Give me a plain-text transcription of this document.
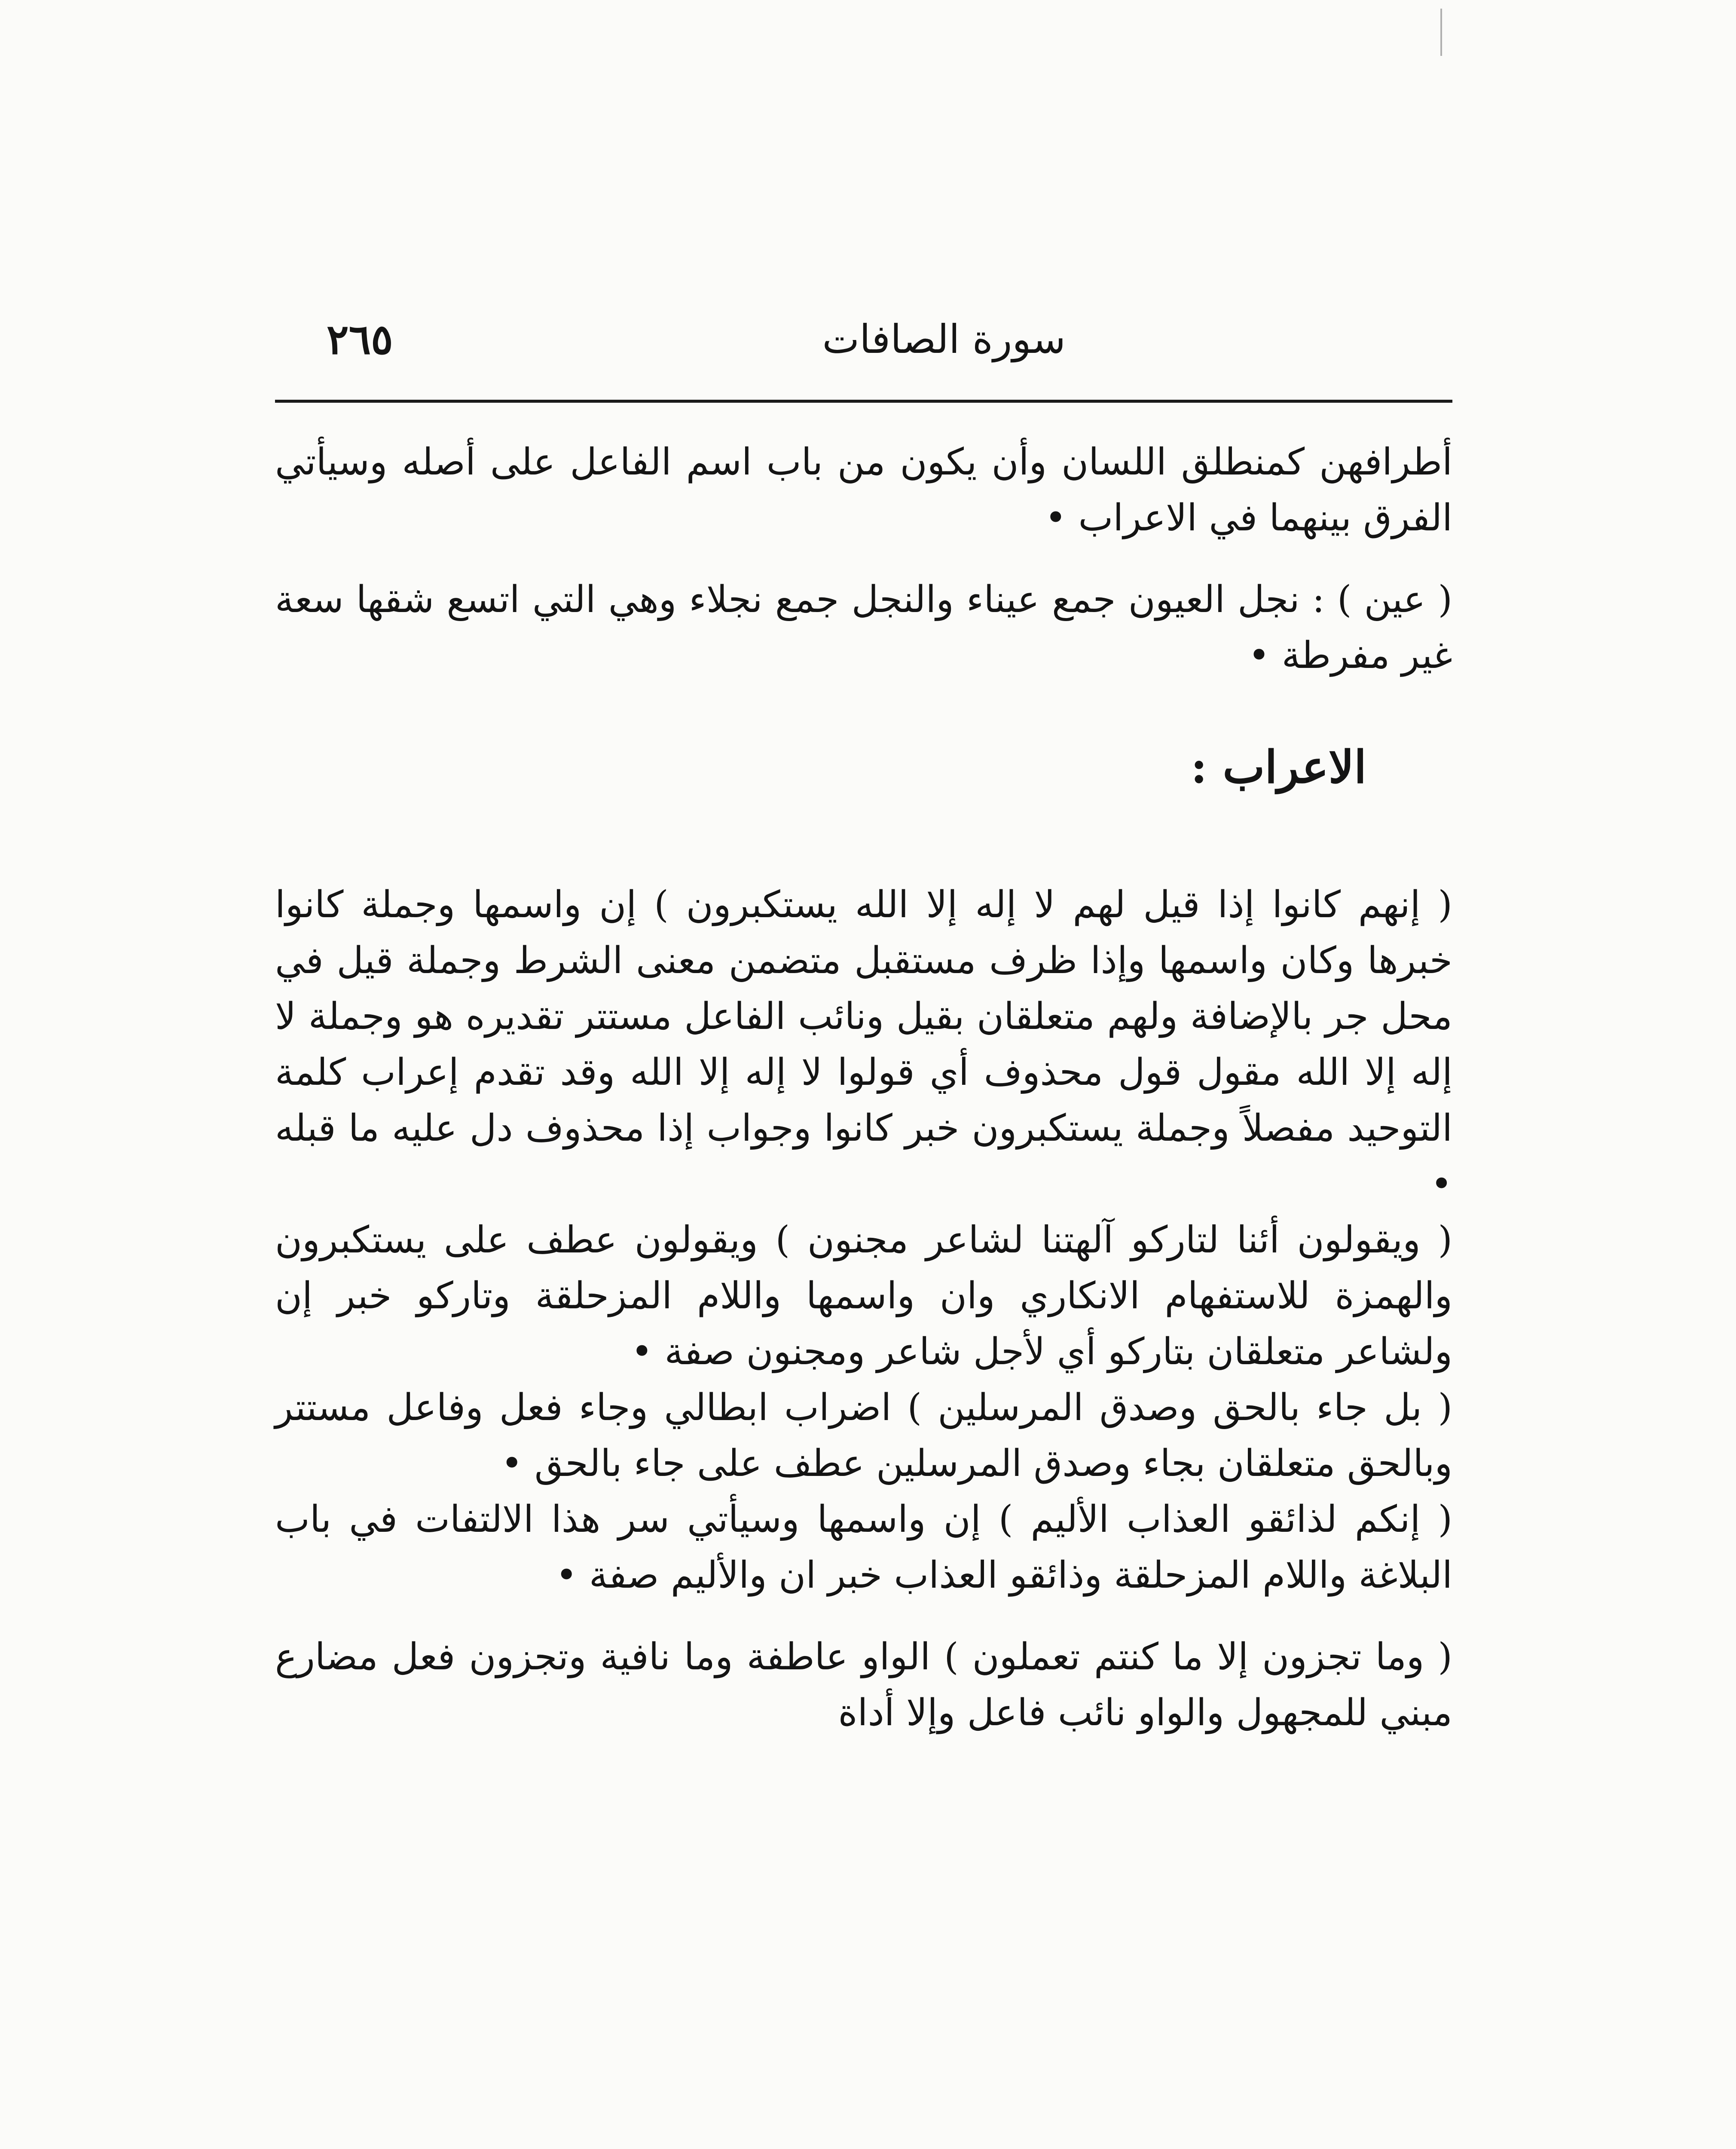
سورة الصافات
٢٦٥

أطرافهن كمنطلق اللسان وأن يكون من باب اسم الفاعل على أصله وسيأتي الفرق بينهما في الاعراب •

( عين ) : نجل العيون جمع عيناء والنجل جمع نجلاء وهي التي اتسع شقها سعة غير مفرطة •

الاعراب :

( إنهم كانوا إذا قيل لهم لا إله إلا الله يستكبرون ) إن واسمها وجملة كانوا خبرها وكان واسمها وإذا ظرف مستقبل متضمن معنى الشرط وجملة قيل في محل جر بالإضافة ولهم متعلقان بقيل ونائب الفاعل مستتر تقديره هو وجملة لا إله إلا الله مقول قول محذوف أي قولوا لا إله إلا الله وقد تقدم إعراب كلمة التوحيد مفصلاً وجملة يستكبرون خبر كانوا وجواب إذا محذوف دل عليه ما قبله •

( ويقولون أئنا لتاركو آلهتنا لشاعر مجنون ) ويقولون عطف على يستكبرون والهمزة للاستفهام الانكاري وان واسمها واللام المزحلقة وتاركو خبر إن ولشاعر متعلقان بتاركو أي لأجل شاعر ومجنون صفة •

( بل جاء بالحق وصدق المرسلين ) اضراب ابطالي وجاء فعل وفاعل مستتر وبالحق متعلقان بجاء وصدق المرسلين عطف على جاء بالحق •

( إنكم لذائقو العذاب الأليم ) إن واسمها وسيأتي سر هذا الالتفات في باب البلاغة واللام المزحلقة وذائقو العذاب خبر ان والأليم صفة •

( وما تجزون إلا ما كنتم تعملون ) الواو عاطفة وما نافية وتجزون فعل مضارع مبني للمجهول والواو نائب فاعل وإلا أداة
